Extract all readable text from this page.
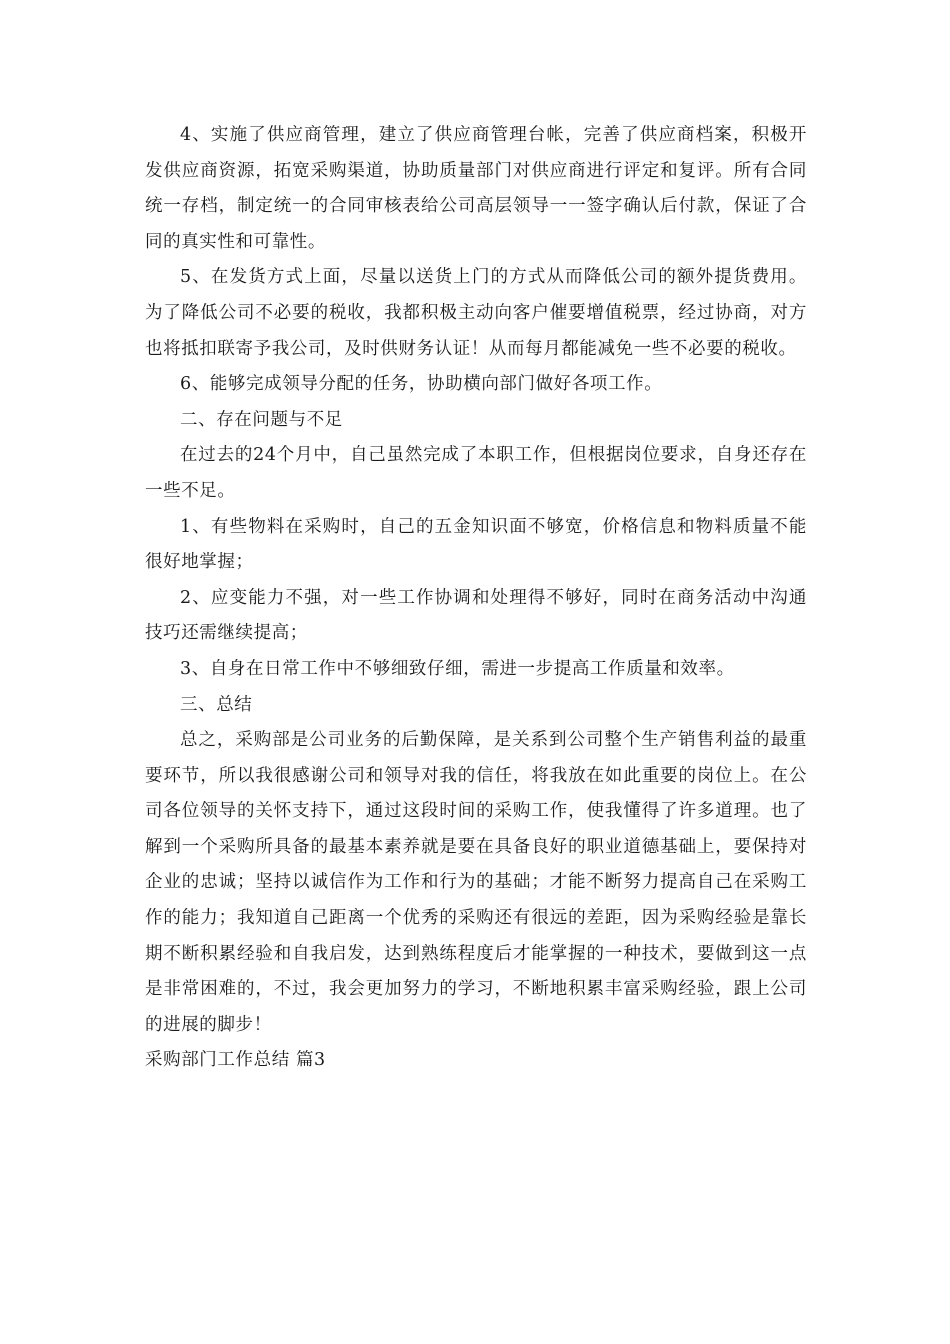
4、实施了供应商管理，建立了供应商管理台帐，完善了供应商档案，积极开发供应商资源，拓宽采购渠道，协助质量部门对供应商进行评定和复评。所有合同统一存档，制定统一的合同审核表给公司高层领导一一签字确认后付款，保证了合同的真实性和可靠性。

5、在发货方式上面，尽量以送货上门的方式从而降低公司的额外提货费用。为了降低公司不必要的税收，我都积极主动向客户催要增值税票，经过协商，对方也将抵扣联寄予我公司，及时供财务认证！从而每月都能减免一些不必要的税收。

6、能够完成领导分配的任务，协助横向部门做好各项工作。

二、存在问题与不足

在过去的24个月中，自己虽然完成了本职工作，但根据岗位要求，自身还存在一些不足。

1、有些物料在采购时，自己的五金知识面不够宽，价格信息和物料质量不能很好地掌握；

2、应变能力不强，对一些工作协调和处理得不够好，同时在商务活动中沟通技巧还需继续提高；

3、自身在日常工作中不够细致仔细，需进一步提高工作质量和效率。

三、总结

总之，采购部是公司业务的后勤保障，是关系到公司整个生产销售利益的最重要环节，所以我很感谢公司和领导对我的信任，将我放在如此重要的岗位上。在公司各位领导的关怀支持下，通过这段时间的采购工作，使我懂得了许多道理。也了解到一个采购所具备的最基本素养就是要在具备良好的职业道德基础上，要保持对企业的忠诚；坚持以诚信作为工作和行为的基础；才能不断努力提高自己在采购工作的能力；我知道自己距离一个优秀的采购还有很远的差距，因为采购经验是靠长期不断积累经验和自我启发，达到熟练程度后才能掌握的一种技术，要做到这一点是非常困难的，不过，我会更加努力的学习，不断地积累丰富采购经验，跟上公司的进展的脚步！

采购部门工作总结 篇3
